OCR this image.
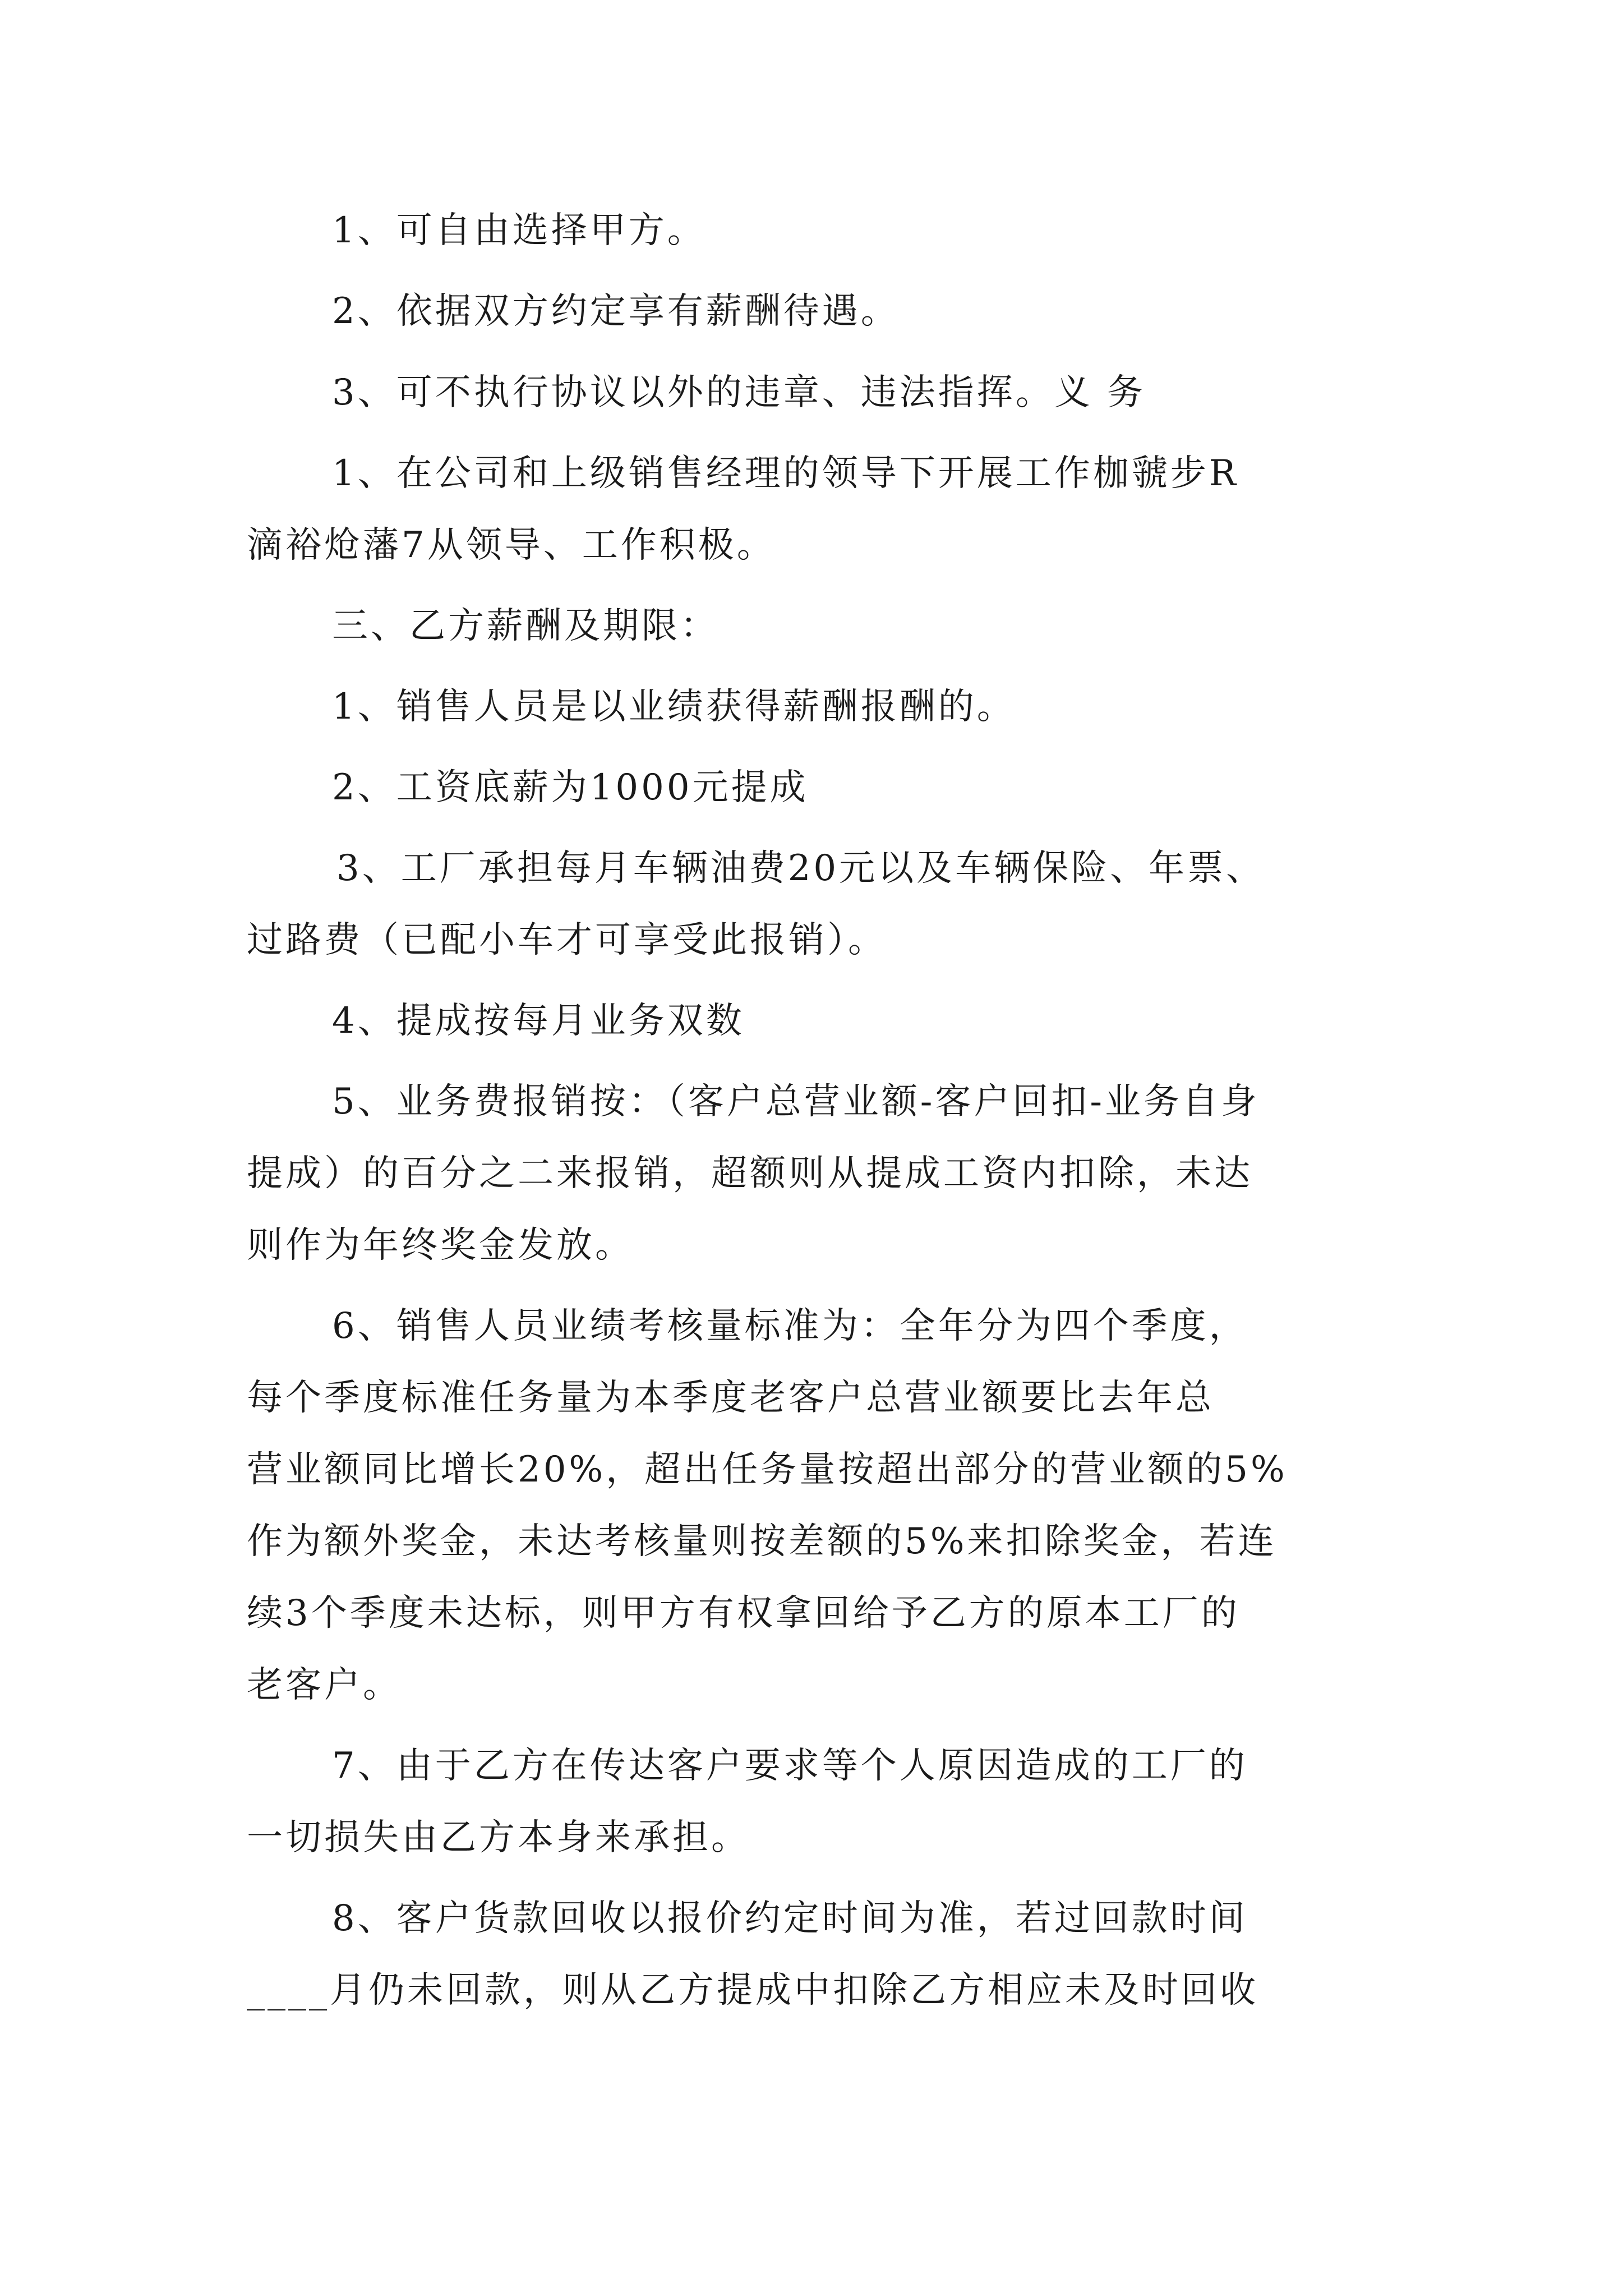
1、可自由选择甲方。

2、依据双方约定享有薪酬待遇。

3、可不执行协议以外的违章、违法指挥。义 务

1、在公司和上级销售经理的领导下开展工作枷虢步R

滴裕炝藩7从领导、工作积极。

三、乙方薪酬及期限：

1、销售人员是以业绩获得薪酬报酬的。

2、工资底薪为1000元提成

3、工厂承担每月车辆油费20元以及车辆保险、年票、

过路费（已配小车才可享受此报销）。

4、提成按每月业务双数

5、业务费报销按：（客户总营业额-客户回扣-业务自身

提成）的百分之二来报销，超额则从提成工资内扣除，未达

则作为年终奖金发放。

6、销售人员业绩考核量标准为：全年分为四个季度，

每个季度标准任务量为本季度老客户总营业额要比去年总

营业额同比增长20%，超出任务量按超出部分的营业额的5%

作为额外奖金，未达考核量则按差额的5%来扣除奖金，若连

续3个季度未达标，则甲方有权拿回给予乙方的原本工厂的

老客户。

7、由于乙方在传达客户要求等个人原因造成的工厂的

一切损失由乙方本身来承担。

8、客户货款回收以报价约定时间为准，若过回款时间

____月仍未回款，则从乙方提成中扣除乙方相应未及时回收
